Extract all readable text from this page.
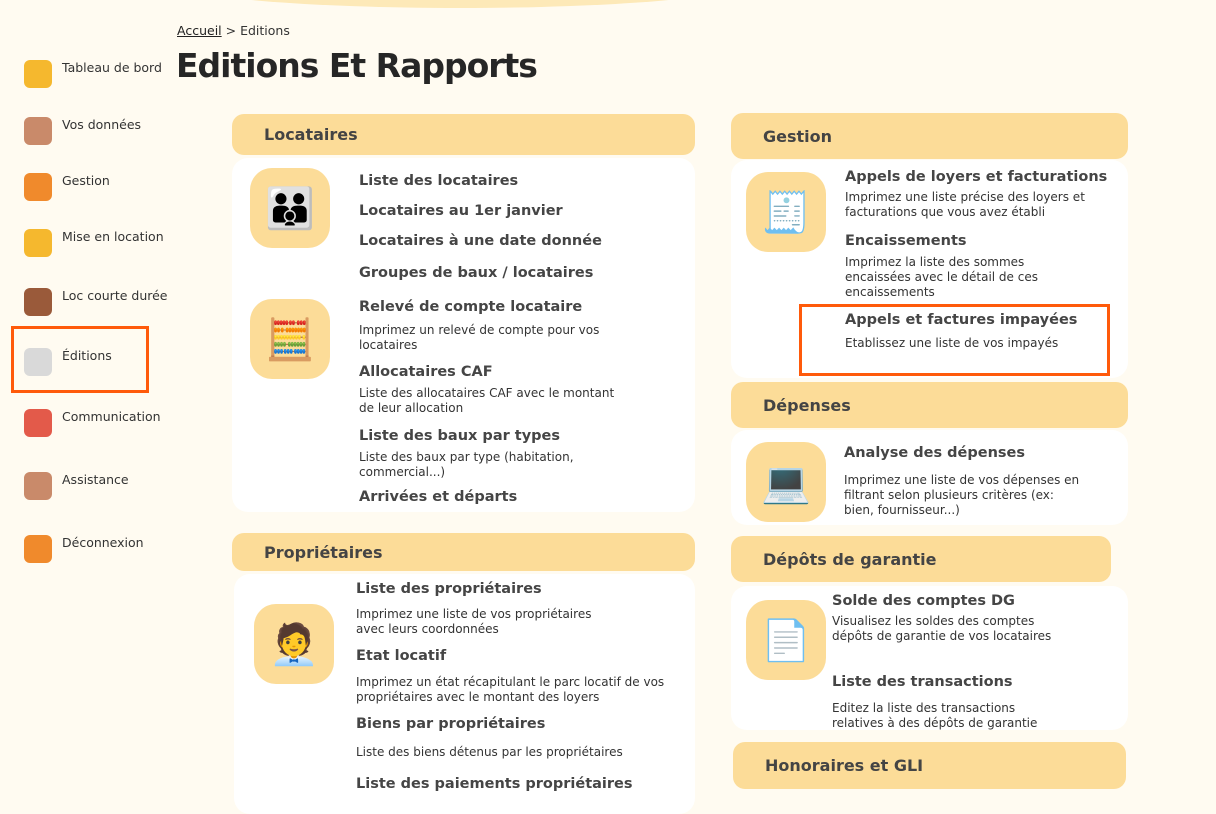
Tableau de bord
Vos données
Gestion
Mise en location
Loc courte durée
Éditions
Communication
Assistance
Déconnexion
Accueil > Editions
Editions Et Rapports
Locataires
👪
🧮
Propriétaires
🧑‍💼
Gestion
🧾
Dépenses
💻
Dépôts de garantie
📄
Honoraires et GLI
Liste des locataires
Locataires au 1er janvier
Locataires à une date donnée
Groupes de baux / locataires
Relevé de compte locataire
Imprimez un relevé de compte pour vos locataires
Allocataires CAF
Liste des allocataires CAF avec le montant de leur allocation
Liste des baux par types
Liste des baux par type (habitation, commercial...)
Arrivées et départs
Liste des propriétaires
Imprimez une liste de vos propriétaires avec leurs coordonnées
Etat locatif
Imprimez un état récapitulant le parc locatif de vos propriétaires avec le montant des loyers
Biens par propriétaires
Liste des biens détenus par les propriétaires
Liste des paiements propriétaires
Appels de loyers et facturations
Imprimez une liste précise des loyers et facturations que vous avez établi
Encaissements
Imprimez la liste des sommes encaissées avec le détail de ces encaissements
Appels et factures impayées
Etablissez une liste de vos impayés
Analyse des dépenses
Imprimez une liste de vos dépenses en filtrant selon plusieurs critères (ex: bien, fournisseur...)
Solde des comptes DG
Visualisez les soldes des comptes dépôts de garantie de vos locataires
Liste des transactions
Editez la liste des transactions relatives à des dépôts de garantie
